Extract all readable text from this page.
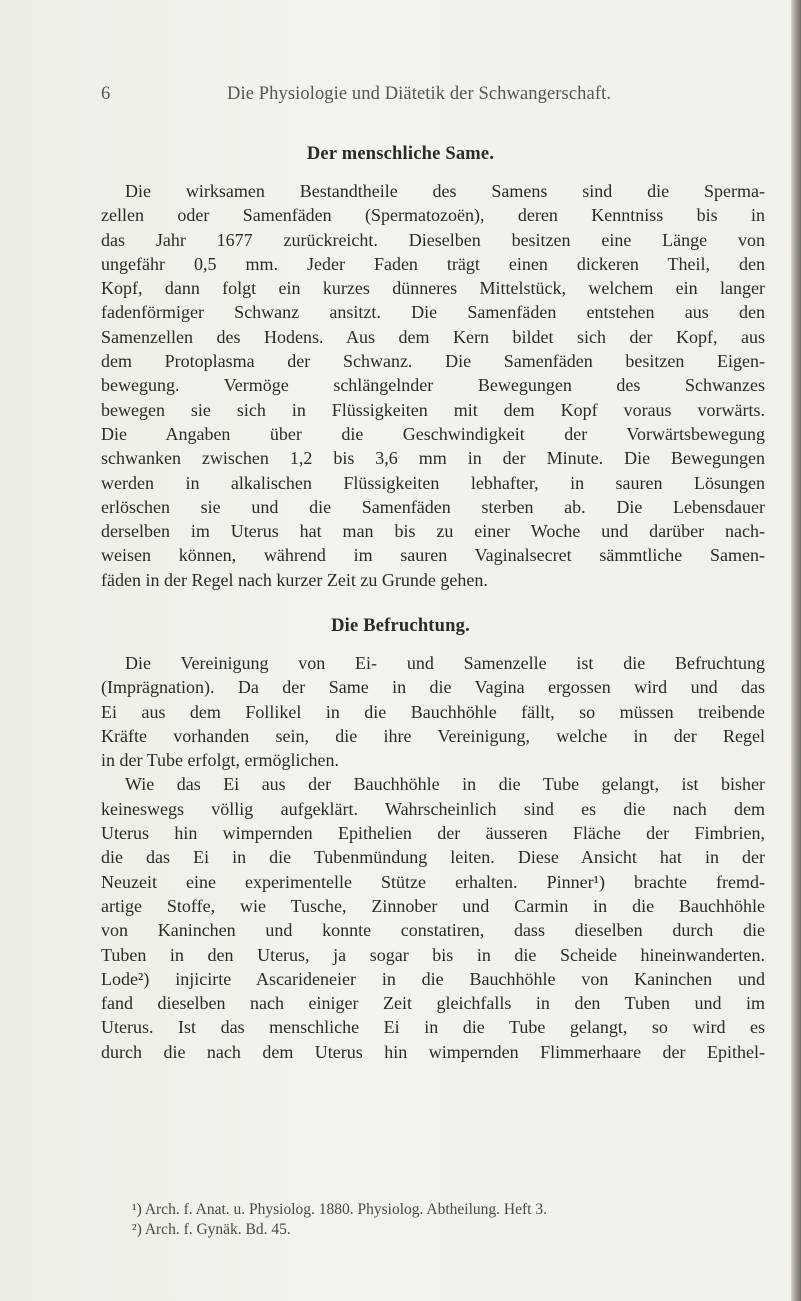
6	Die Physiologie und Diätetik der Schwangerschaft.
Der menschliche Same.
Die wirksamen Bestandtheile des Samens sind die Sperma-
zellen oder Samenfäden (Spermatozoën), deren Kenntniss bis in
das Jahr 1677 zurückreicht. Dieselben besitzen eine Länge von
ungefähr 0,5 mm. Jeder Faden trägt einen dickeren Theil, den
Kopf, dann folgt ein kurzes dünneres Mittelstück, welchem ein langer
fadenförmiger Schwanz ansitzt. Die Samenfäden entstehen aus den
Samenzellen des Hodens. Aus dem Kern bildet sich der Kopf, aus
dem Protoplasma der Schwanz. Die Samenfäden besitzen Eigen-
bewegung. Vermöge schlängelnder Bewegungen des Schwanzes
bewegen sie sich in Flüssigkeiten mit dem Kopf voraus vorwärts.
Die Angaben über die Geschwindigkeit der Vorwärtsbewegung
schwanken zwischen 1,2 bis 3,6 mm in der Minute. Die Bewegungen
werden in alkalischen Flüssigkeiten lebhafter, in sauren Lösungen
erlöschen sie und die Samenfäden sterben ab. Die Lebensdauer
derselben im Uterus hat man bis zu einer Woche und darüber nach-
weisen können, während im sauren Vaginalsecret sämmtliche Samen-
fäden in der Regel nach kurzer Zeit zu Grunde gehen.
Die Befruchtung.
Die Vereinigung von Ei- und Samenzelle ist die Befruchtung
(Imprägnation). Da der Same in die Vagina ergossen wird und das
Ei aus dem Follikel in die Bauchhöhle fällt, so müssen treibende
Kräfte vorhanden sein, die ihre Vereinigung, welche in der Regel
in der Tube erfolgt, ermöglichen.
Wie das Ei aus der Bauchhöhle in die Tube gelangt, ist bisher
keineswegs völlig aufgeklärt. Wahrscheinlich sind es die nach dem
Uterus hin wimpernden Epithelien der äusseren Fläche der Fimbrien,
die das Ei in die Tubenmündung leiten. Diese Ansicht hat in der
Neuzeit eine experimentelle Stütze erhalten. Pinner¹) brachte fremd-
artige Stoffe, wie Tusche, Zinnober und Carmin in die Bauchhöhle
von Kaninchen und konnte constatiren, dass dieselben durch die
Tuben in den Uterus, ja sogar bis in die Scheide hineinwanderten.
Lode²) injicirte Ascarideneier in die Bauchhöhle von Kaninchen und
fand dieselben nach einiger Zeit gleichfalls in den Tuben und im
Uterus. Ist das menschliche Ei in die Tube gelangt, so wird es
durch die nach dem Uterus hin wimpernden Flimmerhaare der Epithel-
¹) Arch. f. Anat. u. Physiolog. 1880. Physiolog. Abtheilung. Heft 3.
²) Arch. f. Gynäk. Bd. 45.
